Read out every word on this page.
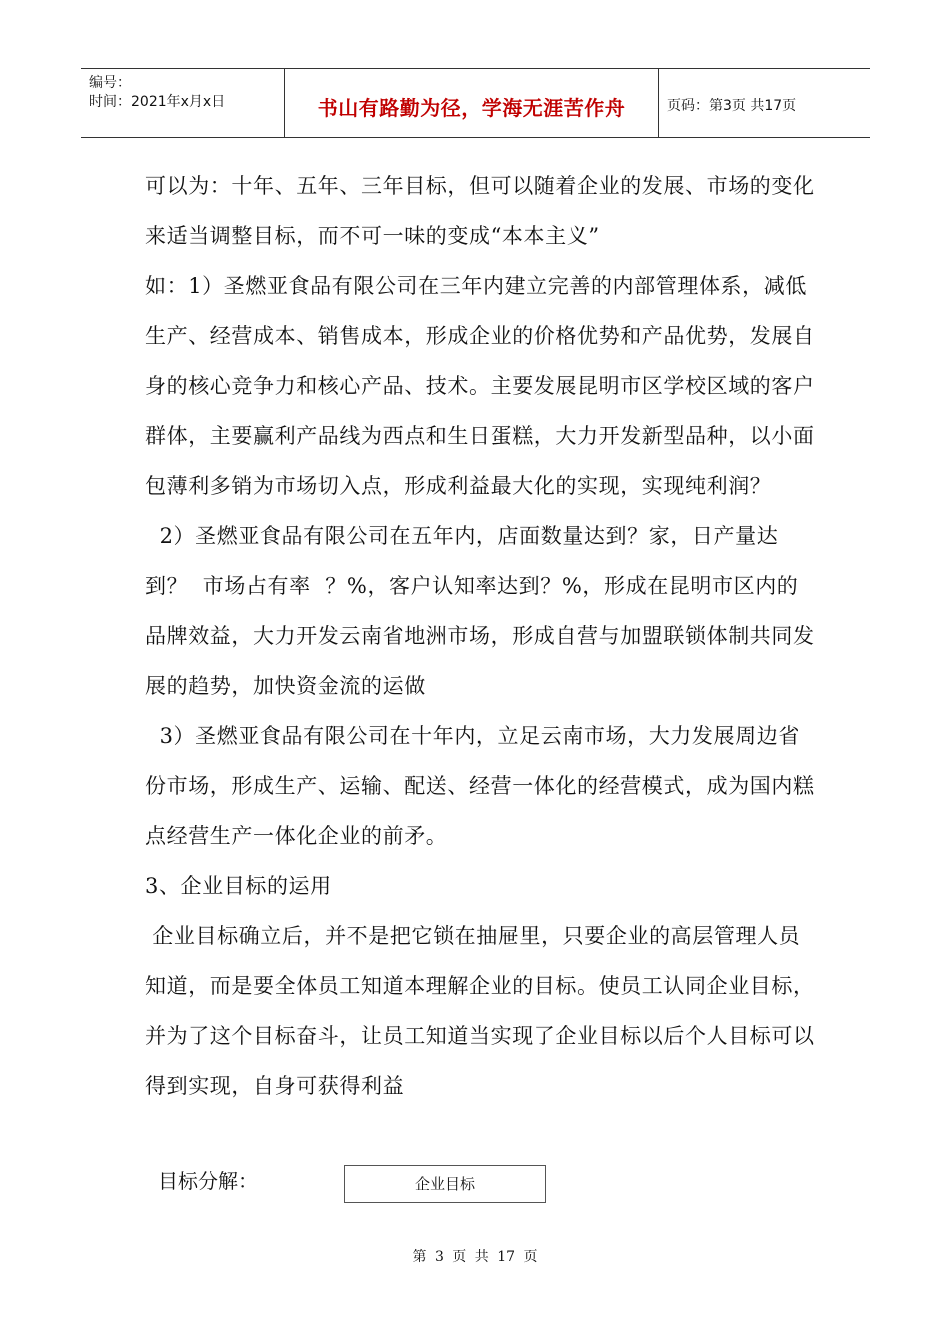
编号：
时间：2021年x月x日	书山有路勤为径，学海无涯苦作舟	页码：第3页 共17页

可以为：十年、五年、三年目标，但可以随着企业的发展、市场的变化来适当调整目标，而不可一味的变成“本本主义”

如：1）圣燃亚食品有限公司在三年内建立完善的内部管理体系，减低生产、经营成本、销售成本，形成企业的价格优势和产品优势，发展自身的核心竞争力和核心产品、技术。主要发展昆明市区学校区域的客户群体，主要赢利产品线为西点和生日蛋糕，大力开发新型品种，以小面包薄利多销为市场切入点，形成利益最大化的实现，实现纯利润？

2）圣燃亚食品有限公司在五年内，店面数量达到？家，日产量达到？  市场占有率  ？%，客户认知率达到？%，形成在昆明市区内的品牌效益，大力开发云南省地洲市场，形成自营与加盟联锁体制共同发展的趋势，加快资金流的运做

3）圣燃亚食品有限公司在十年内，立足云南市场，大力发展周边省份市场，形成生产、运输、配送、经营一体化的经营模式，成为国内糕点经营生产一体化企业的前矛。

3、企业目标的运用

企业目标确立后，并不是把它锁在抽屉里，只要企业的高层管理人员知道，而是要全体员工知道本理解企业的目标。使员工认同企业目标，并为了这个目标奋斗，让员工知道当实现了企业目标以后个人目标可以得到实现，自身可获得利益

目标分解：	企业目标
第 3 页 共 17 页
